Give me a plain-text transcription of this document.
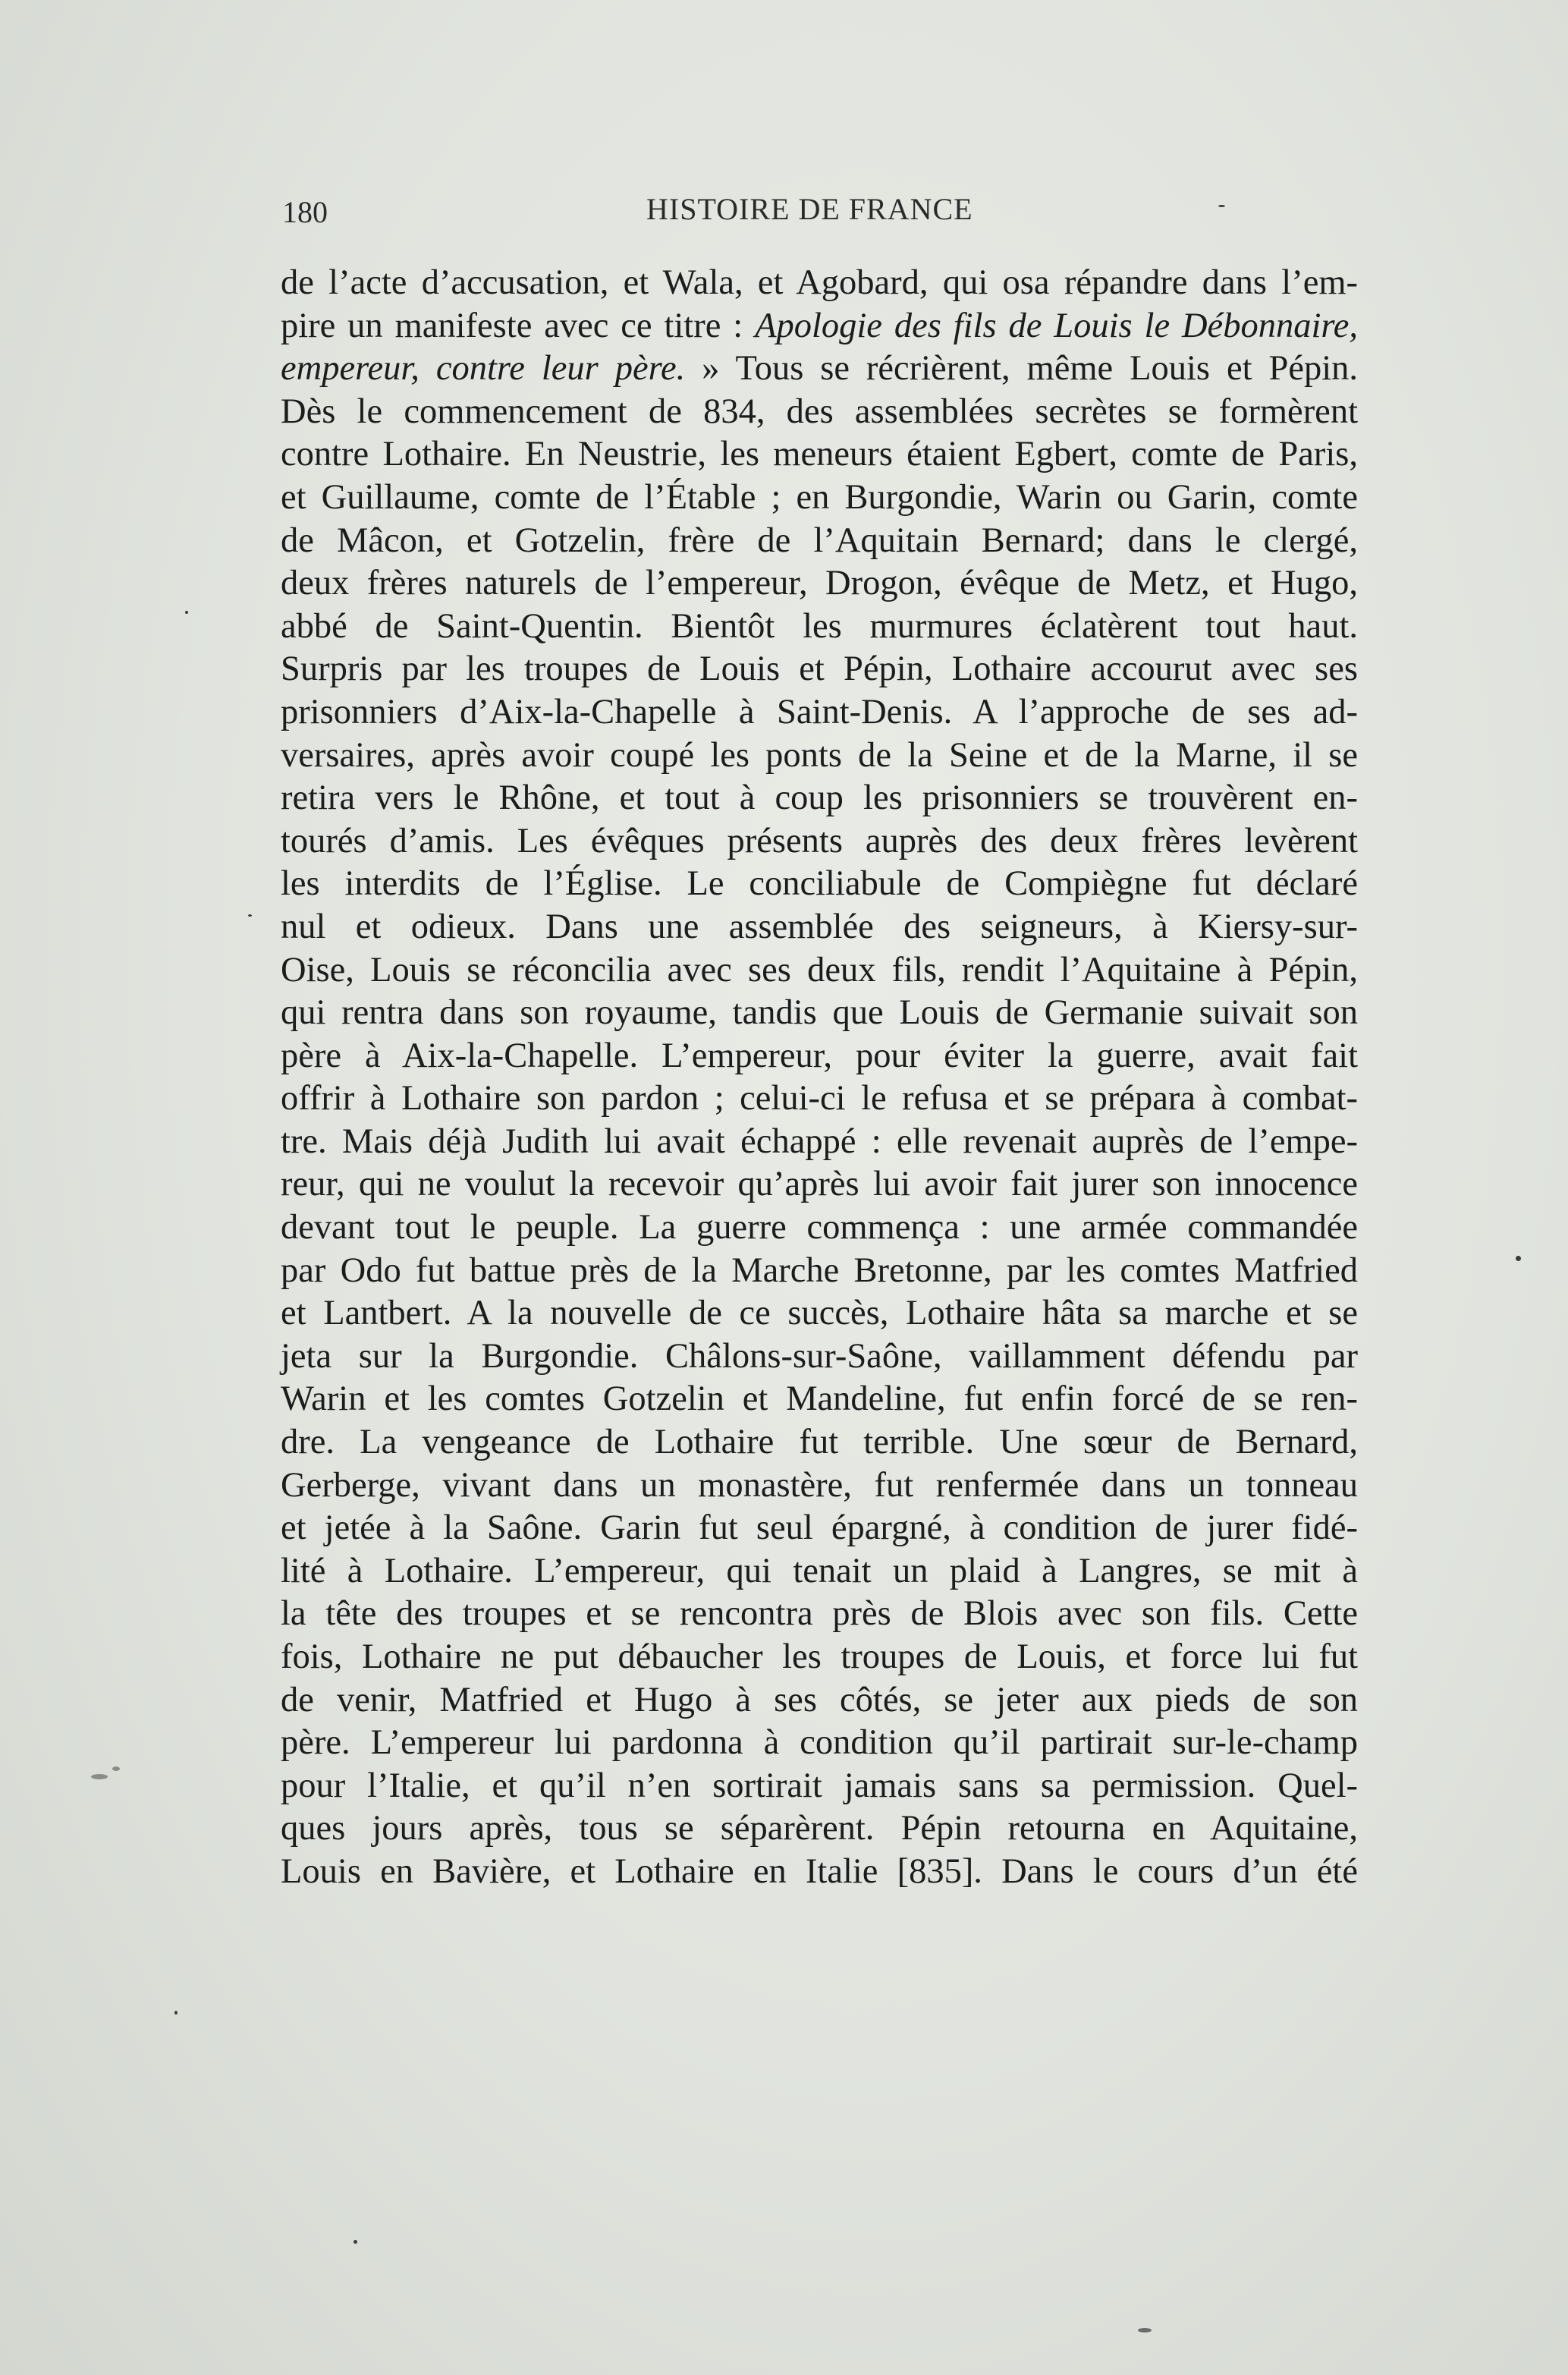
180	HISTOIRE DE FRANCE
de l’acte d’accusation, et Wala, et Agobard, qui osa répandre dans l’em-
pire un manifeste avec ce titre : Apologie des fils de Louis le Débonnaire,
empereur, contre leur père. » Tous se récrièrent, même Louis et Pépin.
Dès le commencement de 834, des assemblées secrètes se formèrent
contre Lothaire. En Neustrie, les meneurs étaient Egbert, comte de Paris,
et Guillaume, comte de l’Étable ; en Burgondie, Warin ou Garin, comte
de Mâcon, et Gotzelin, frère de l’Aquitain Bernard; dans le clergé,
deux frères naturels de l’empereur, Drogon, évêque de Metz, et Hugo,
abbé de Saint-Quentin. Bientôt les murmures éclatèrent tout haut.
Surpris par les troupes de Louis et Pépin, Lothaire accourut avec ses
prisonniers d’Aix-la-Chapelle à Saint-Denis. A l’approche de ses ad-
versaires, après avoir coupé les ponts de la Seine et de la Marne, il se
retira vers le Rhône, et tout à coup les prisonniers se trouvèrent en-
tourés d’amis. Les évêques présents auprès des deux frères levèrent
les interdits de l’Église. Le conciliabule de Compiègne fut déclaré
nul et odieux. Dans une assemblée des seigneurs, à Kiersy-sur-
Oise, Louis se réconcilia avec ses deux fils, rendit l’Aquitaine à Pépin,
qui rentra dans son royaume, tandis que Louis de Germanie suivait son
père à Aix-la-Chapelle. L’empereur, pour éviter la guerre, avait fait
offrir à Lothaire son pardon ; celui-ci le refusa et se prépara à combat-
tre. Mais déjà Judith lui avait échappé : elle revenait auprès de l’empe-
reur, qui ne voulut la recevoir qu’après lui avoir fait jurer son innocence
devant tout le peuple. La guerre commença : une armée commandée
par Odo fut battue près de la Marche Bretonne, par les comtes Matfried
et Lantbert. A la nouvelle de ce succès, Lothaire hâta sa marche et se
jeta sur la Burgondie. Châlons-sur-Saône, vaillamment défendu par
Warin et les comtes Gotzelin et Mandeline, fut enfin forcé de se ren-
dre. La vengeance de Lothaire fut terrible. Une sœur de Bernard,
Gerberge, vivant dans un monastère, fut renfermée dans un tonneau
et jetée à la Saône. Garin fut seul épargné, à condition de jurer fidé-
lité à Lothaire. L’empereur, qui tenait un plaid à Langres, se mit à
la tête des troupes et se rencontra près de Blois avec son fils. Cette
fois, Lothaire ne put débaucher les troupes de Louis, et force lui fut
de venir, Matfried et Hugo à ses côtés, se jeter aux pieds de son
père. L’empereur lui pardonna à condition qu’il partirait sur-le-champ
pour l’Italie, et qu’il n’en sortirait jamais sans sa permission. Quel-
ques jours après, tous se séparèrent. Pépin retourna en Aquitaine,
Louis en Bavière, et Lothaire en Italie [835]. Dans le cours d’un été
